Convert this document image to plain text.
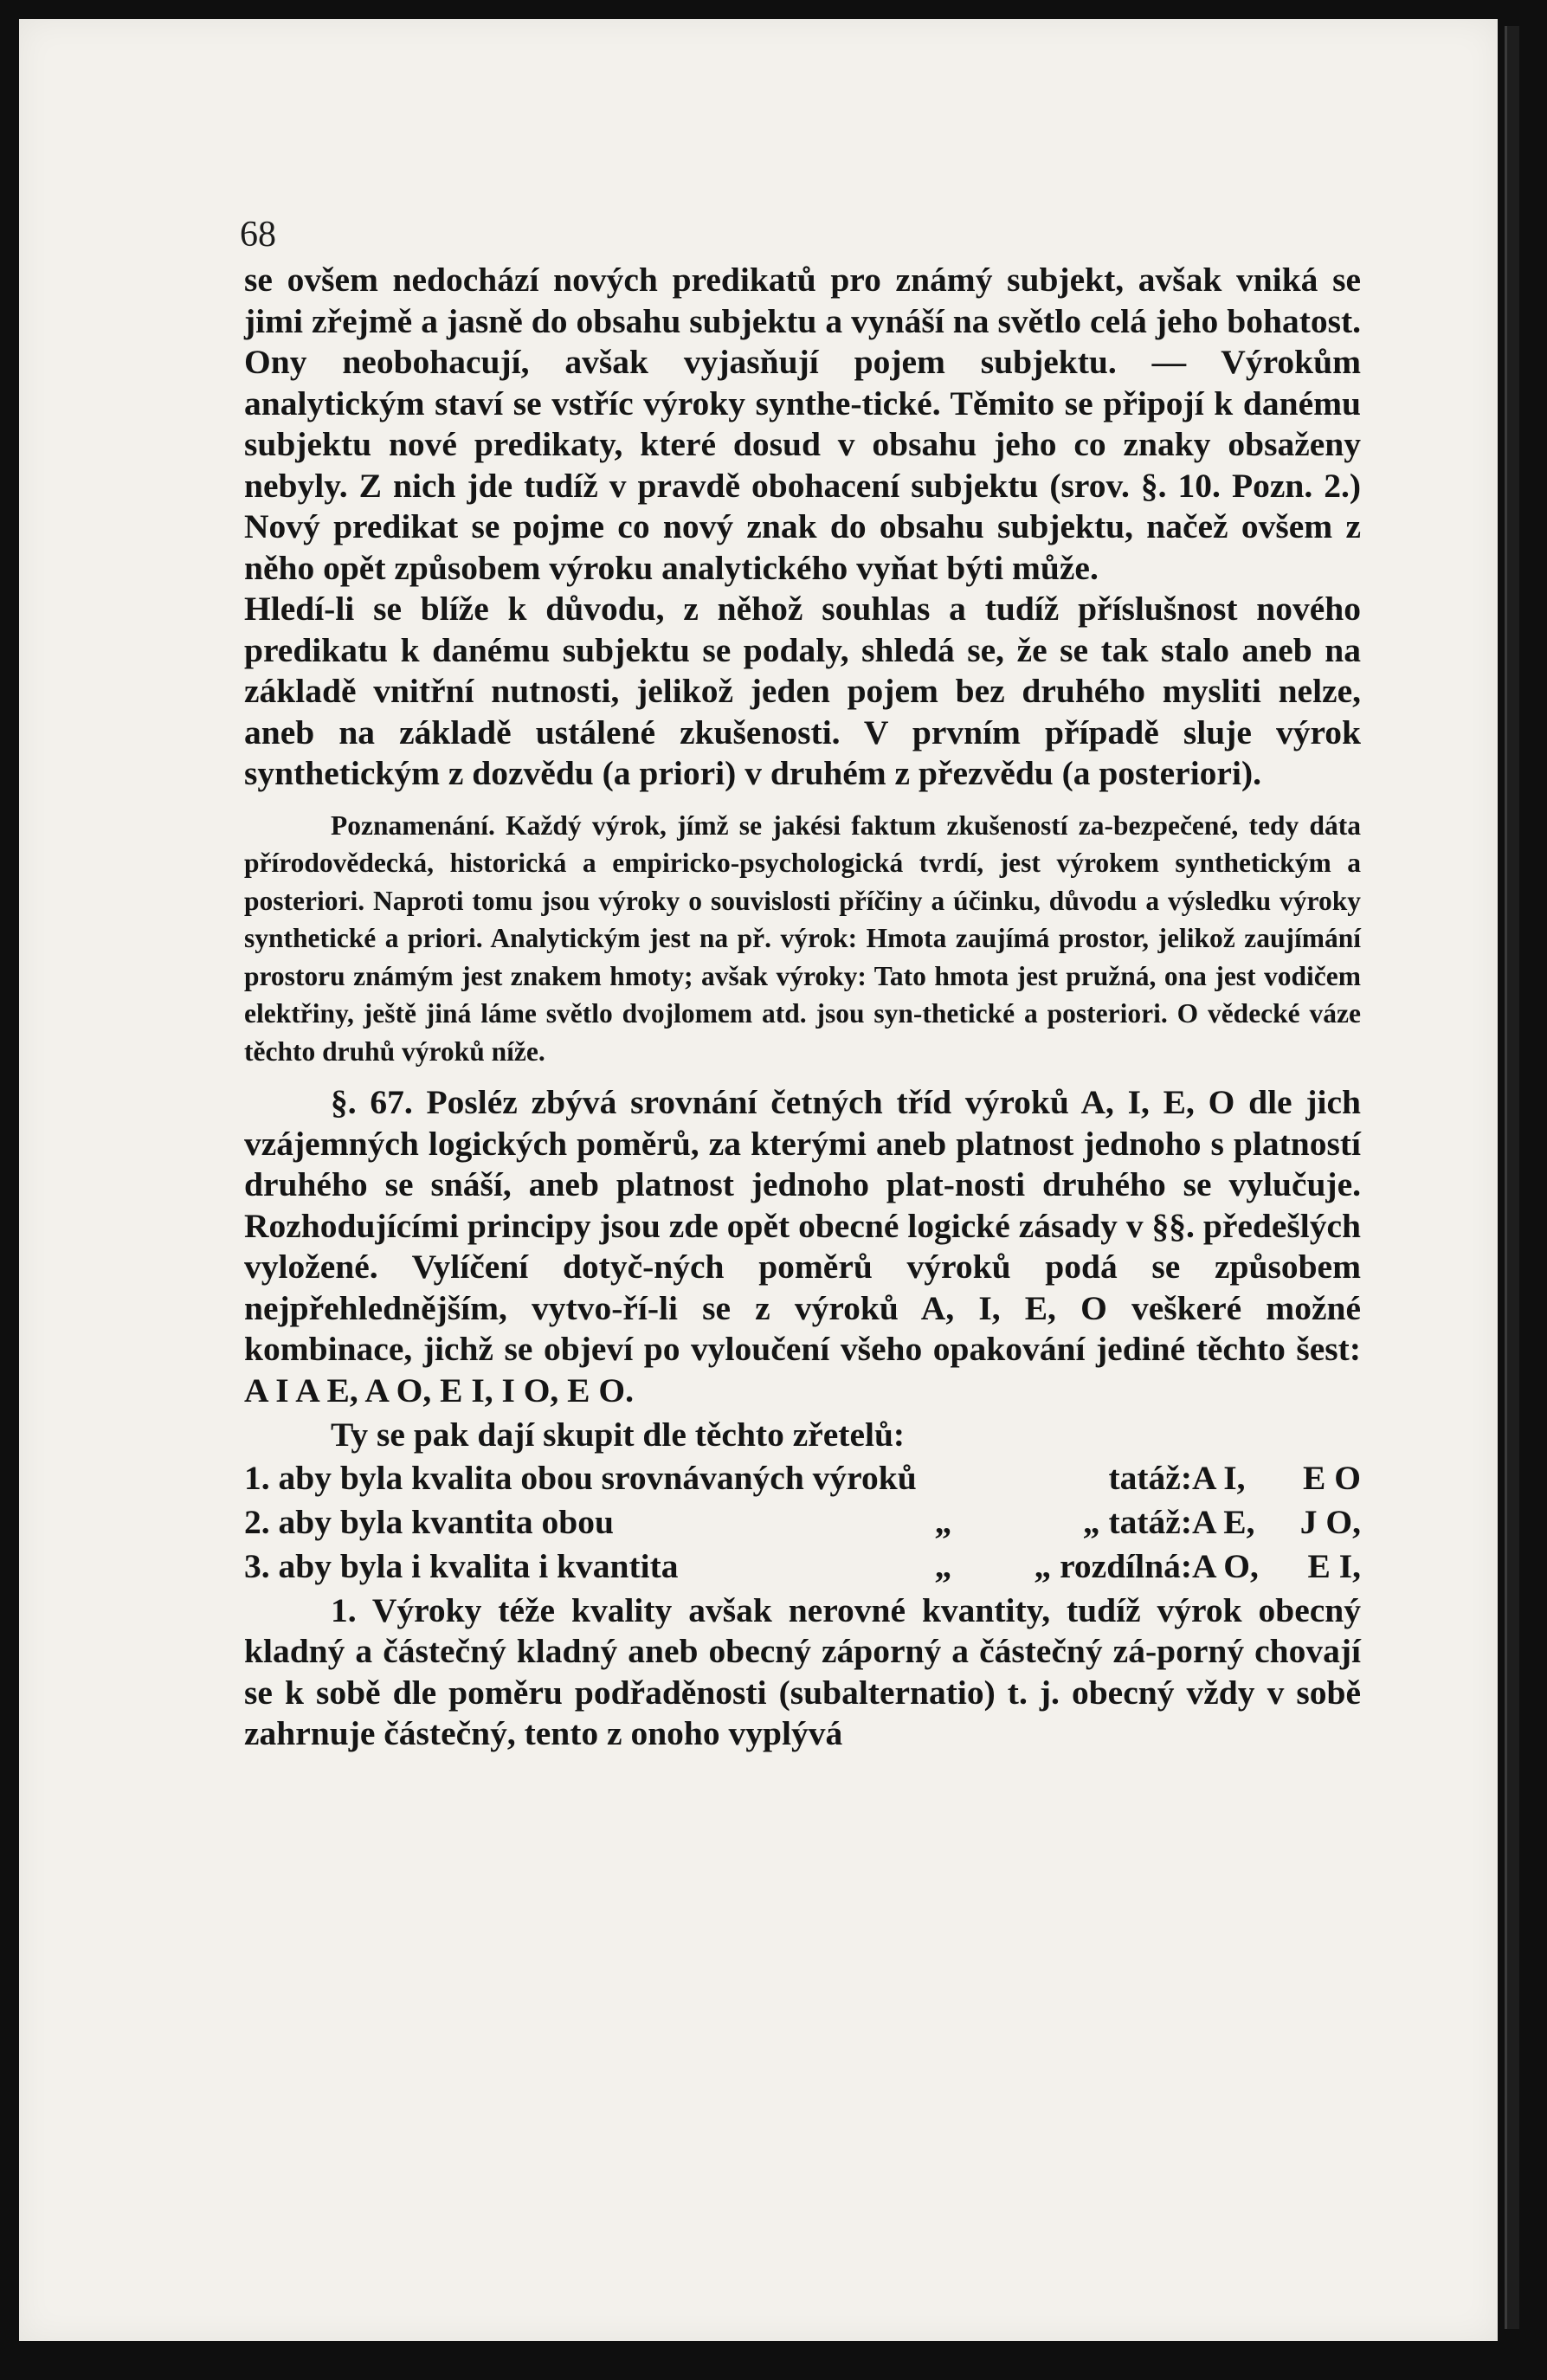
68

se ovšem nedochází nových predikatů pro známý subjekt, avšak vniká se jimi zřejmě a jasně do obsahu subjektu a vynáší na světlo celá jeho bohatost. Ony neobohacují, avšak vyjasňují pojem subjektu. — Výrokům analytickým staví se vstříc výroky synthe-tické. Těmito se připojí k danému subjektu nové predikaty, které dosud v obsahu jeho co znaky obsaženy nebyly. Z nich jde tudíž v pravdě obohacení subjektu (srov. §. 10. Pozn. 2.) Nový predikat se pojme co nový znak do obsahu subjektu, načež ovšem z něho opět způsobem výroku analytického vyňat býti může.

Hledí-li se blíže k důvodu, z něhož souhlas a tudíž příslušnost nového predikatu k danému subjektu se podaly, shledá se, že se tak stalo aneb na základě vnitřní nutnosti, jelikož jeden pojem bez druhého mysliti nelze, aneb na základě ustálené zkušenosti. V prvním případě sluje výrok synthetickým z dozvědu (a priori) v druhém z přezvědu (a posteriori).

Poznamenání. Každý výrok, jímž se jakési faktum zkušeností za-bezpečené, tedy dáta přírodovědecká, historická a empiricko-psychologická tvrdí, jest výrokem synthetickým a posteriori. Naproti tomu jsou výroky o souvislosti příčiny a účinku, důvodu a výsledku výroky synthetické a priori. Analytickým jest na př. výrok: Hmota zaujímá prostor, jelikož zaujímání prostoru známým jest znakem hmoty; avšak výroky: Tato hmota jest pružná, ona jest vodičem elektřiny, ještě jiná láme světlo dvojlomem atd. jsou syn-thetické a posteriori. O vědecké váze těchto druhů výroků níže.

§. 67. Posléz zbývá srovnání četných tříd výroků A, I, E, O dle jich vzájemných logických poměrů, za kterými aneb platnost jednoho s platností druhého se snáší, aneb platnost jednoho plat-nosti druhého se vylučuje. Rozhodujícími principy jsou zde opět obecné logické zásady v §§. předešlých vyložené. Vylíčení dotyč-ných poměrů výroků podá se způsobem nejpřehlednějším, vytvo-ří-li se z výroků A, I, E, O veškeré možné kombinace, jichž se objeví po vyloučení všeho opakování jediné těchto šest: A I A E, A O, E I, I O, E O.

Ty se pak dají skupit dle těchto zřetelů:

1. aby byla kvalita obou srovnávaných výroků	tatáž: A I, E O
2. aby byla kvantita obou	„	„ tatáž: A E, J O,
3. aby byla i kvalita i kvantita	„	„ rozdílná: A O, E I,

1. Výroky téže kvality avšak nerovné kvantity, tudíž výrok obecný kladný a částečný kladný aneb obecný záporný a částečný zá-porný chovají se k sobě dle poměru podřaděnosti (subalternatio) t. j. obecný vždy v sobě zahrnuje částečný, tento z onoho vyplývá
